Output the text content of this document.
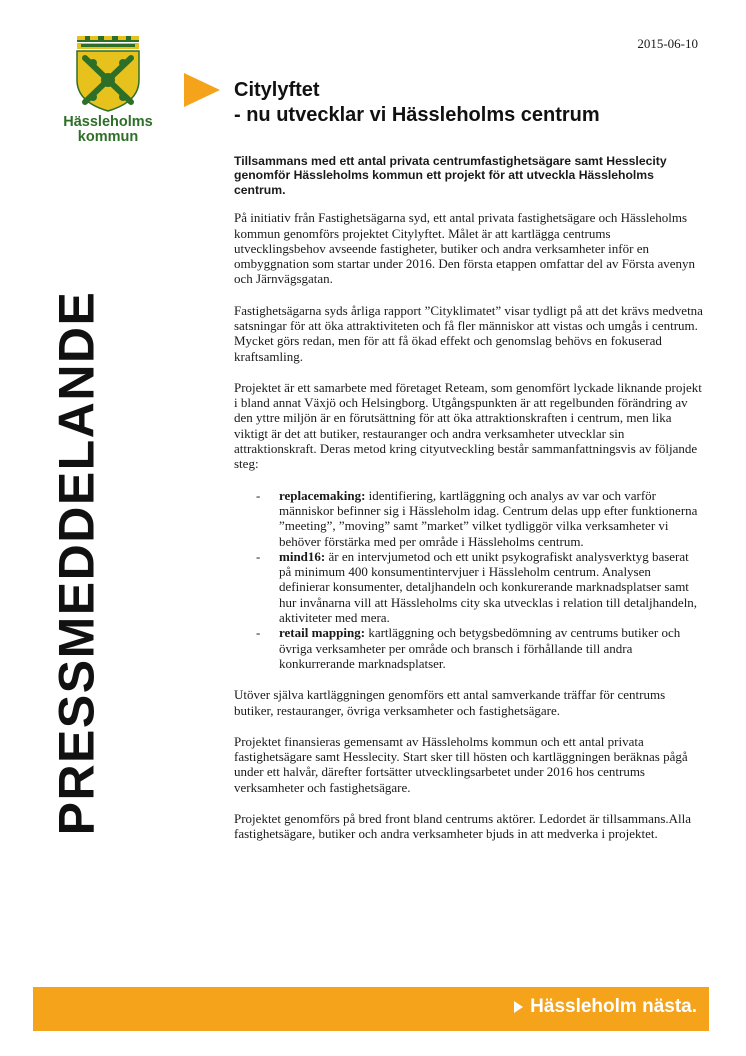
2015-06-10
Hässleholms
kommun
PRESSMEDDELANDE
Citylyftet
- nu utvecklar vi Hässleholms centrum

Tillsammans med ett antal privata centrumfastighetsägare samt Hesslecity genomför Hässleholms kommun ett projekt för att utveckla Hässleholms centrum.

På initiativ från Fastighetsägarna syd, ett antal privata fastighetsägare och Hässleholms kommun genomförs projektet Citylyftet. Målet är att kartlägga centrums utvecklingsbehov avseende fastigheter, butiker och andra verksamheter inför en ombyggnation som startar under 2016. Den första etappen omfattar del av Första avenyn och Järnvägsgatan.

Fastighetsägarna syds årliga rapport ”Cityklimatet” visar tydligt på att det krävs medvetna satsningar för att öka attraktiviteten och få fler människor att vistas och umgås i centrum. Mycket görs redan, men för att få ökad effekt och genomslag behövs en fokuserad kraftsamling.

Projektet är ett samarbete med företaget Reteam, som genomfört lyckade liknande projekt i bland annat Växjö och Helsingborg. Utgångspunkten är att regelbunden förändring av den yttre miljön är en förutsättning för att öka attraktionskraften i centrum, men lika viktigt är det att butiker, restauranger och andra verksamheter utvecklar sin attraktionskraft. Deras metod kring cityutveckling består sammanfattningsvis av följande steg:

- replacemaking: identifiering, kartläggning och analys av var och varför människor befinner sig i Hässleholm idag. Centrum delas upp efter funktionerna ”meeting”, ”moving” samt ”market” vilket tydliggör vilka verksamheter vi behöver förstärka med per område i Hässleholms centrum.
- mind16: är en intervjumetod och ett unikt psykografiskt analysverktyg baserat på minimum 400 konsumentintervjuer i Hässleholm centrum. Analysen definierar konsumenter, detaljhandeln och konkurerande marknadsplatser samt hur invånarna vill att Hässleholms city ska utvecklas i relation till detaljhandeln, aktiviteter med mera.
- retail mapping: kartläggning och betygsbedömning av centrums butiker och övriga verksamheter per område och bransch i förhållande till andra konkurrerande marknadsplatser.

Utöver själva kartläggningen genomförs ett antal samverkande träffar för centrums butiker, restauranger, övriga verksamheter och fastighetsägare.

Projektet finansieras gemensamt av Hässleholms kommun och ett antal privata fastighetsägare samt Hesslecity. Start sker till hösten och kartläggningen beräknas pågå under ett halvår, därefter fortsätter utvecklingsarbetet under 2016 hos centrums verksamheter och fastighetsägare.

Projektet genomförs på bred front bland centrums aktörer. Ledordet är tillsammans.Alla fastighetsägare, butiker och andra verksamheter bjuds in att medverka i projektet.

Hässleholm nästa.
